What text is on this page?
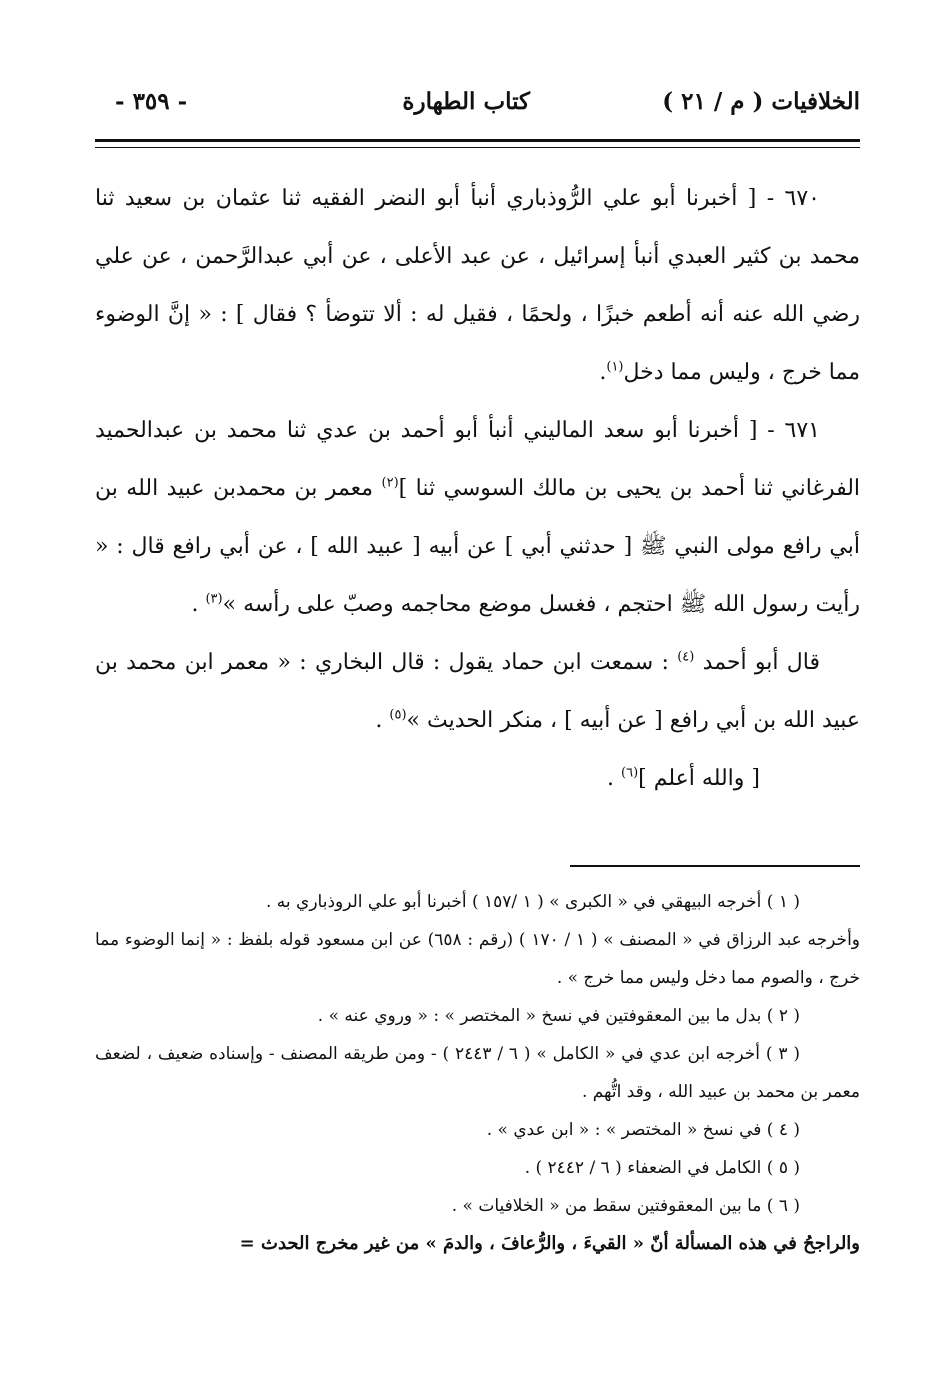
الخلافيات ( م / ٢١ )
كتاب الطهارة
- ٣٥٩ -

٦٧٠ - [ أخبرنا أبو علي الرُّوذباري أنبأ أبو النضر الفقيه ثنا عثمان بن سعيد ثنا محمد بن كثير العبدي أنبأ إسرائيل ، عن عبد الأعلى ، عن أبي عبدالرَّحمن ، عن علي رضي الله عنه أنه أطعم خبزًا ، ولحمًا ، فقيل له : ألا تتوضأ ؟ فقال ] : « إنَّ الوضوء مما خرج ، وليس مما دخل$^{(١)}$.

٦٧١ - [ أخبرنا أبو سعد الماليني أنبأ أبو أحمد بن عدي ثنا محمد بن عبدالحميد الفرغاني ثنا أحمد بن يحيى بن مالك السوسي ثنا ]$^{(٢)}$ معمر بن محمدبن عبيد الله بن أبي رافع مولى النبي ﷺ [ حدثني أبي ] عن أبيه [ عبيد الله ] ، عن أبي رافع قال : « رأيت رسول الله ﷺ احتجم ، فغسل موضع محاجمه وصبّ على رأسه »$^{(٣)}$ .

قال أبو أحمد $^{(٤)}$ : سمعت ابن حماد يقول : قال البخاري : « معمر ابن محمد بن عبيد الله بن أبي رافع [ عن أبيه ] ، منكر الحديث »$^{(٥)}$ .

[ والله أعلم ]$^{(٦)}$ .

( ١ ) أخرجه البيهقي في « الكبرى » ( ١ /١٥٧ ) أخبرنا أبو علي الروذباري به .

وأخرجه عبد الرزاق في « المصنف » ( ١ / ١٧٠ ) (رقم : ٦٥٨) عن ابن مسعود قوله بلفظ : « إنما الوضوء مما خرج ، والصوم مما دخل وليس مما خرج » .

( ٢ ) بدل ما بين المعقوفتين في نسخ « المختصر » : « وروي عنه » .

( ٣ ) أخرجه ابن عدي في « الكامل » ( ٦ / ٢٤٤٣ ) - ومن طريقه المصنف - وإسناده ضعيف ، لضعف معمر بن محمد بن عبيد الله ، وقد اتُّهم .

( ٤ ) في نسخ « المختصر » : « ابن عدي » .

( ٥ ) الكامل في الضعفاء ( ٦ / ٢٤٤٢ ) .

( ٦ ) ما بين المعقوفتين سقط من « الخلافيات » .

والراجحُ في هذه المسألة أنّ « القيءَ ، والرُّعافَ ، والدمَ » من غير مخرج الحدث =
